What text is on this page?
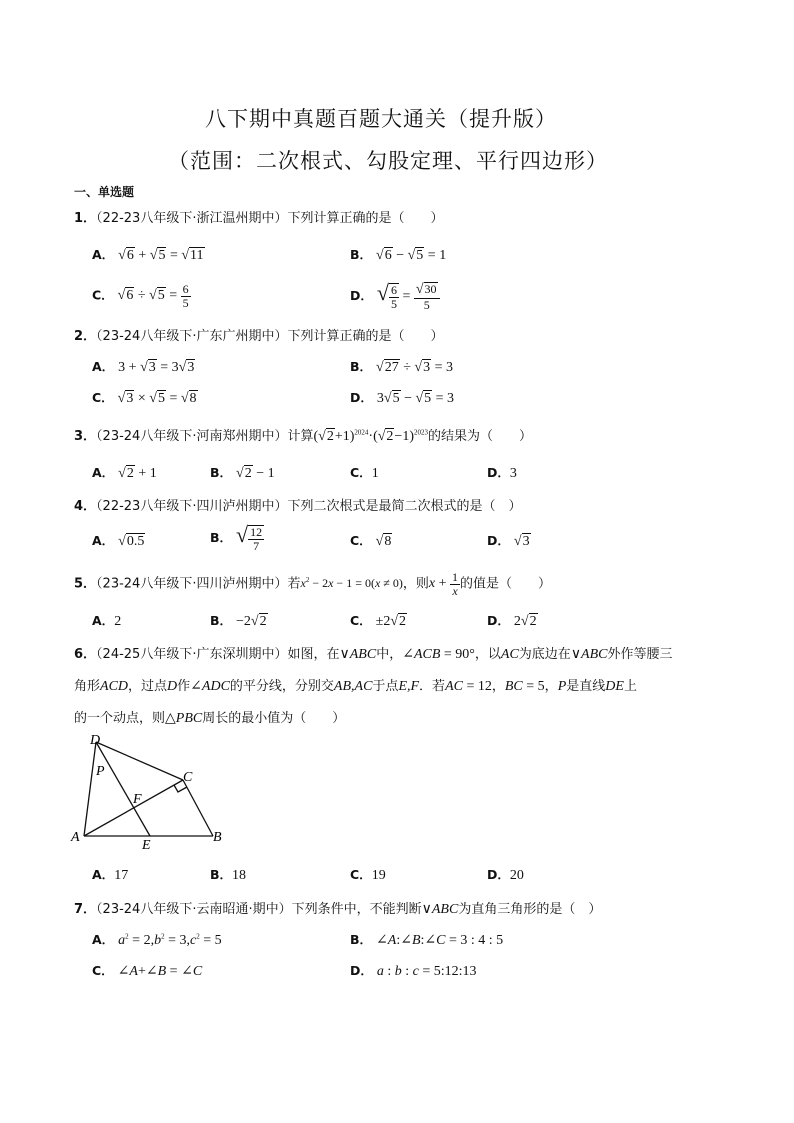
八下期中真题百题大通关（提升版）
（范围：二次根式、勾股定理、平行四边形）
一、单选题
1．（22-23八年级下·浙江温州期中）下列计算正确的是（　　）
A． √6 + √5 = √11	B． √6 − √5 = 1
C． $√6 \div √5 = \frac{6}{5}$	D． √ $\frac{6}{5} = \frac{√30}{5}$
2．（23-24八年级下·广东广州期中）下列计算正确的是（　　）
A． 3 + √3 = 3√3	B． √27 ÷ √3 = 3
C． √3 × √5 = √8	D． 3√5 − √5 = 3
3．（23-24八年级下·河南郑州期中）计算$(√2+1)^{2024}\cdot(√2-1)^{2023}$的结果为（　　）
A． √2 + 1	B． √2 − 1	C．1	D．3
4．（22-23八年级下·四川泸州期中）下列二次根式是最简二次根式的是（　）
A． √0.5	B． √ $\frac{12}{7}$	C． √8	D． √3
5．（23-24八年级下·四川泸州期中）若$x^2 - 2x - 1 = 0(x \ne 0)$，则$x + \frac{1}{x}$ 的值是（　　）
A．2	B． −2√2	C． ±2√2	D． 2√2
6．（24-25八年级下·广东深圳期中）如图，在∨ABC中，∠ACB = 90°，以AC为底边在∨ABC外作等腰三
角形ACD，过点D作∠ADC的平分线，分别交AB,AC于点E,F．若AC = 12，BC = 5，P是直线DE上
的一个动点，则△PBC周长的最小值为（　　）
D
P	C
F
A
E
B
A．17	B．18	C．19	D．20
7．（23-24八年级下·云南昭通·期中）下列条件中，不能判断∨ABC为直角三角形的是（　）
A． $a^2 = 2,b^2 = 3,c^2 = 5$	B． ∠A:∠B:∠C = 3 : 4 : 5
C． ∠A+∠B = ∠C	D． a : b : c = 5:12:13
